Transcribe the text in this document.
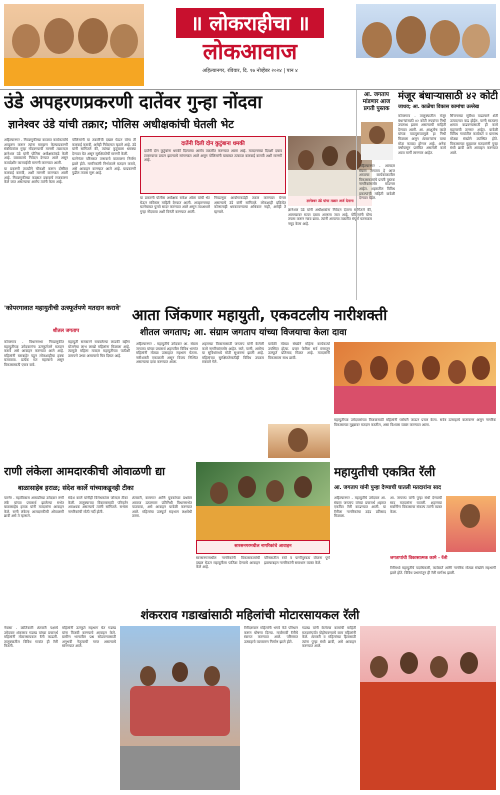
॥ लोकराहीचा ॥
लोकआवाज
अहिल्यानगर, रविवार, दि. १७ नोव्हेंबर २०२४ | पान ४
उंडे अपहरणप्रकरणी दातेंवर गुन्हा नोंदवा
ज्ञानेश्वर उंडे यांची तक्रार; पोलिस अधीक्षकांची घेतली भेट

अहिल्यानगर - निवडणुकीच्या काळात कार्यकर्त्यांचे अपहरण करून त्यांना मारहाण केल्याप्रकरणी संबंधितांवर गुन्हा नोंदवण्याची मागणी तक्रारदार ज्ञानेश्वर उंडे यांनी पोलिस अधीक्षकांकडे केली आहे. याबाबतचे निवेदन देण्यात आले असून कायदेशीर कारवाईची मागणी करण्यात आली.

या प्रकरणी तातडीने चौकशी करून दोषींवर कारवाई करावी, अशी मागणी करण्यात आली आहे. निवडणुकीच्या काळात दबावाचे राजकारण केले जात असल्याचा आरोप त्यांनी केला आहे.

पोलिसांनी या तक्रारीची दखल घेऊन योग्य ती कारवाई करावी, असेही निवेदनात म्हटले आहे. उंडे यांनी सांगितले की, त्यांच्या कुटुंबाला धमक्या देण्यात येत असून सुरक्षिततेची मागणी केली.

घटनेनंतर परिसरात तणावाचे वातावरण निर्माण झाले होते. नागरिकांनी निर्भयपणे मतदान करावे, असे आवाहन करण्यात आले आहे. याप्रकरणी पुढील तपास सुरू आहे.

दातेंनी दिली दोन कुटुंबाना धमकी
दातेंनी दोन कुटुंबांना धमकी दिल्याचा आरोप तक्रारीत करण्यात आला आहे. मतदानाच्या दिवशी दबाव टाकण्याचा प्रयत्न झाल्याचे सांगण्यात आले असून पोलिसांनी याबाबत तत्काळ कारवाई करावी अशी मागणी आहे.

या प्रकरणी पोलीस अधीक्षक राकेश ओला यांची भेट घेऊन सविस्तर माहिती देण्यात आली. अपहरणाच्या घटनेबाबत पुरावे सादर करण्यात आले असून त्याआधारे गुन्हा नोंदवावा अशी विनंती करण्यात आली.

निवडणूक आयोगाकडेही तक्रार करण्यात येणार असल्याचे उंडे यांनी सांगितले. लोकशाही प्रक्रियेत कोणालाही धमकावण्याचा अधिकार नाही, असेही ते म्हणाले.

ज्ञानेश्वर उंडे यांचा तक्रार अर्ज देताना

ज्ञानेश्वर उंडे यांनी अधीक्षकांना निवेदन देताना सांगितले की, आमच्यावर सतत दबाव आणला जात आहे. पोलिसांनी योग्य तपास करून न्याय द्यावा. त्यांनी आपल्या तक्रारीत संपूर्ण घटनाक्रम नमूद केला आहे.

आ. जगताप मांडणार आज प्रगती पुस्तक
अहिल्यानगर - आमदार संग्राम जगताप हे आज आपल्या कार्यकाळातील विकासकामांचे प्रगती पुस्तक नागरिकांसमोर मांडणार आहेत. शहरातील विविध प्रकल्पांची माहिती यावेळी देण्यात येईल.
मंजूर बंधाऱ्यासाठी ४२ कोटी
जाधव; आ. काळेंचा विकास कामांचा उल्लेख
कोपरगाव - तालुक्यातील मंजूर बंधाऱ्यांसाठी ४२ कोटी रुपयांचा निधी उपलब्ध झाला असल्याची माहिती देण्यात आली. आ. आशुतोष काळे यांच्या पाठपुराव्यामुळे हा निधी मिळाला असून शेतकऱ्यांना याचा मोठा फायदा होणार आहे. अनेक वर्षांपासून प्रलंबित असलेली कामे आता मार्गी लागणार आहेत.
सिंचनाच्या सुविधा वाढल्याने शेती उत्पादनात वाढ होईल. पाणी साठवण क्षमता वाढवण्यासाठी ही कामे महत्त्वाची ठरणार आहेत. यावेळी विविध गावांतील कार्यकर्ते व ग्रामस्थ मोठ्या संख्येने उपस्थित होते. विकासाच्या मुद्द्यावर मतदारांनी पुन्हा संधी द्यावी असे आवाहन करण्यात आले.
'कोपरगावात महायुतीची उत्स्फूर्तपणे मतदान करावे'
शीतल जगताप
आता जिंकणार महायुती, एकवटलीय नारीशक्ती
शीतल जगताप; आ. संग्राम जगताप यांच्या विजयाचा केला दावा
कोपरगाव - विधानसभा निवडणुकीत महायुतीच्या उमेदवारांना उत्स्फूर्तपणे मतदान करावे असे आवाहन करण्यात आले आहे. महिलांनी घराबाहेर पडून लोकशाहीचा हक्क बजावावा. प्रत्येक मत महत्त्वाचे असून विकासासाठी एकत्र यावे.
महायुती सरकारने राबवलेल्या लाडकी बहीण योजनेचा लाभ लाखो महिलांना मिळाला आहे. त्यामुळे महिला मतदार महायुतीच्या पाठीशी ठामपणे उभ्या असल्याचे चित्र दिसत आहे.
अहिल्यानगर - महायुतीचे उमेदवार आ. संग्राम जगताप यांच्या प्रचारार्थ शहरातील विविध भागांत महिलांनी मोठ्या उत्साहात सहभाग घेतला. नारीशक्ती एकवटली असून विजय निश्चित असल्याचा दावा करण्यात आला.
शहराच्या विकासासाठी जगताप यांनी केलेली कामे नागरिकांसमोर आहेत. रस्ते, पाणी, आरोग्य या सुविधांमध्ये मोठी सुधारणा झाली आहे. महिलांच्या सुरक्षिततेसाठीही विविध उपक्रम राबवले गेले.
यावेळी मोठ्या संख्येने महिला कार्यकर्त्या उपस्थित होत्या. प्रचार फेरीला सर्व स्तरातून उत्स्फूर्त प्रतिसाद मिळत आहे. मतदारांनी विकासाला साथ द्यावी.
महायुतीच्या उमेदवारांच्या विजयासाठी महिलांनी घरोघरी जाऊन प्रचार केला. सर्वत्र उत्साहाचे वातावरण असून नागरिक विकासाच्या मुद्द्यावर मतदान करतील, असा विश्वास व्यक्त करण्यात आला.
राणी लंकेला आमदारकीची ओवाळणी द्या
बाळासाहेब हराळ; संदेश कार्ले यांच्याकडूनही टीका
पारनेर - महाविकास आघाडीच्या उमेदवार राणी लंके यांच्या प्रचारार्थ झालेल्या सभेत बाळासाहेब हराळ यांनी मतदारांना आवाहन केले. राणी लंकेला आमदारकीची ओवाळणी द्यावी असे ते म्हणाले.
संदेश कार्ले यांनीही विरोधकांवर जोरदार टीका केली. तालुक्याच्या विकासासाठी परिवर्तन आवश्यक असल्याचे त्यांनी सांगितले. सभेला नागरिकांची मोठी गर्दी होती.
शेतकरी, कामगार आणि युवकांच्या प्रश्नांवर आवाज उठवणारा प्रतिनिधी विधानसभेत पाठवावा, असे आवाहन यावेळी करण्यात आले. महिलांचा उत्स्फूर्त सहभाग लक्षवेधी ठरला.
सारसनगरमधील नागरिकांचे आवाहन
सारसनगरमधील नागरिकांनी विकासकामांची दखल घेऊन महायुतीला पाठिंबा देण्याचे आवाहन केले आहे.
परिसरातील रस्ते व पाणीपुरवठा योजना पूर्ण झाल्याबद्दल नागरिकांनी समाधान व्यक्त केले.
महायुतीची एकत्रित रॅली
आ. जगताप यांनी पुन्हा देण्याची घातली मतदारांना साद
अहिल्यानगर - महायुतीचे उमेदवार आ. संग्राम जगताप यांच्या प्रचारार्थ शहरात एकत्रित रॅली काढण्यात आली. या रॅलीला नागरिकांचा उदंड प्रतिसाद मिळाला.
आ. जगताप यांनी पुन्हा संधी देण्याची साद मतदारांना घातली. शहराच्या सर्वांगीण विकासाचा संकल्प त्यांनी व्यक्त केला.
जगतापांची विकासात्मक कामे - रॅली
रॅलीमध्ये महायुतीचे पदाधिकारी, कार्यकर्ते आणि नागरिक मोठ्या संख्येने सहभागी झाले होते. विविध प्रभागांतून ही रॅली मार्गस्थ झाली.
शंकरराव गडाखांसाठी महिलांची मोटारसायकल रॅली
नेवासा - क्रांतिकारी शेतकरी पक्षाचे उमेदवार शंकरराव गडाख यांच्या प्रचारार्थ महिलांनी मोटारसायकल रॅली काढली. तालुक्यातील विविध गावांत ही रॅली फिरली.
महिलांनी उत्स्फूर्त सहभाग घेत गडाख यांना विजयी करण्याचे आवाहन केले. ग्रामीण भागातील प्रश्न सोडवण्यासाठी अनुभवी नेतृत्वाची गरज असल्याचे सांगण्यात आले.
रॅलीदरम्यान महिलांनी भगवे फेटे परिधान करून घोषणा दिल्या. गावोगावी रॅलीचे स्वागत करण्यात आले. परिसरात उत्साहाचे वातावरण निर्माण झाले होते.
गडाख यांनी केलेल्या कामांची माहिती मतदारांपर्यंत पोहोचवण्याचे काम महिलांनी केले. शेतकरी व महिलांच्या हितासाठी त्यांना पुन्हा संधी द्यावी, असे आवाहन करण्यात आले.
